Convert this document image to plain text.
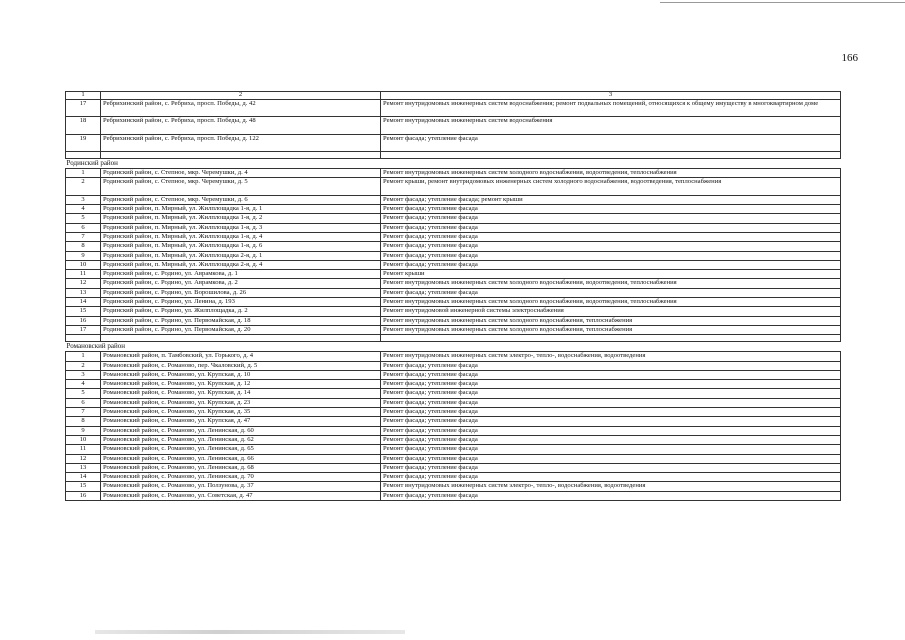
166
1	2	3
17	Ребрихинский район, с. Ребриха, просп. Победы, д. 42	Ремонт внутридомовых инженерных систем водоснабжения; ремонт подвальных помещений, относящихся к общему имуществу в многоквартирном доме
18	Ребрихинский район, с. Ребриха, просп. Победы, д. 48	Ремонт внутридомовых инженерных систем водоснабжения
19	Ребрихинский район, с. Ребриха, просп. Победы, д. 122	Ремонт фасада; утепление фасада

Родинский район		
1	Родинский район, с. Степное, мкр. Черемушки, д. 4	Ремонт внутридомовых инженерных систем холодного водоснабжения, водоотведения, теплоснабжения
2	Родинский район, с. Степное, мкр. Черемушки, д. 5	Ремонт крыши, ремонт внутридомовых инженерных систем холодного водоснабжения, водоотведения, теплоснабжения
3	Родинский район, с. Степное, мкр. Черемушки, д. 6	Ремонт фасада; утепление фасада; ремонт крыши
4	Родинский район, п. Мирный, ул. Жилплощадка 1-я, д. 1	Ремонт фасада; утепление фасада
5	Родинский район, п. Мирный, ул. Жилплощадка 1-я, д. 2	Ремонт фасада; утепление фасада
6	Родинский район, п. Мирный, ул. Жилплощадка 1-я, д. 3	Ремонт фасада; утепление фасада
7	Родинский район, п. Мирный, ул. Жилплощадка 1-я, д. 4	Ремонт фасада; утепление фасада
8	Родинский район, п. Мирный, ул. Жилплощадка 1-я, д. 6	Ремонт фасада; утепление фасада
9	Родинский район, п. Мирный, ул. Жилплощадка 2-я, д. 1	Ремонт фасада; утепление фасада
10	Родинский район, п. Мирный, ул. Жилплощадка 2-я, д. 4	Ремонт фасада; утепление фасада
11	Родинский район, с. Родино, ул. Аврамкова, д. 1	Ремонт крыши
12	Родинский район, с. Родино, ул. Аврамкова, д. 2	Ремонт внутридомовых инженерных систем холодного водоснабжения, водоотведения, теплоснабжения
13	Родинский район, с. Родино, ул. Ворошилова, д. 26	Ремонт фасада; утепление фасада
14	Родинский район, с. Родино, ул. Ленина, д. 193	Ремонт внутридомовых инженерных систем холодного водоснабжения, водоотведения, теплоснабжения
15	Родинский район, с. Родино, ул. Жилплощадка, д. 2	Ремонт внутридомовой инженерной системы электроснабжения
16	Родинский район, с. Родино, ул. Первомайская, д. 18	Ремонт внутридомовых инженерных систем холодного водоснабжения, теплоснабжения
17	Родинский район, с. Родино, ул. Первомайская, д. 20	Ремонт внутридомовых инженерных систем холодного водоснабжения, теплоснабжения

Романовский район		
1	Романовский район, п. Тамбовский, ул. Горького, д. 4	Ремонт внутридомовых инженерных систем электро-, тепло-, водоснабжения, водоотведения
2	Романовский район, с. Романово, пер. Чкаловский, д. 5	Ремонт фасада; утепление фасада
3	Романовский район, с. Романово, ул. Крупская, д. 10	Ремонт фасада; утепление фасада
4	Романовский район, с. Романово, ул. Крупская, д. 12	Ремонт фасада; утепление фасада
5	Романовский район, с. Романово, ул. Крупская, д. 14	Ремонт фасада; утепление фасада
6	Романовский район, с. Романово, ул. Крупская, д. 23	Ремонт фасада; утепление фасада
7	Романовский район, с. Романово, ул. Крупская, д. 35	Ремонт фасада; утепление фасада
8	Романовский район, с. Романово, ул. Крупская, д. 47	Ремонт фасада; утепление фасада
9	Романовский район, с. Романово, ул. Ленинская, д. 60	Ремонт фасада; утепление фасада
10	Романовский район, с. Романово, ул. Ленинская, д. 62	Ремонт фасада; утепление фасада
11	Романовский район, с. Романово, ул. Ленинская, д. 65	Ремонт фасада; утепление фасада
12	Романовский район, с. Романово, ул. Ленинская, д. 66	Ремонт фасада; утепление фасада
13	Романовский район, с. Романово, ул. Ленинская, д. 68	Ремонт фасада; утепление фасада
14	Романовский район, с. Романово, ул. Ленинская, д. 70	Ремонт фасада; утепление фасада
15	Романовский район, с. Романово, ул. Ползунова, д. 37	Ремонт внутридомовых инженерных систем электро-, тепло-, водоснабжения, водоотведения
16	Романовский район, с. Романово, ул. Советская, д. 47	Ремонт фасада; утепление фасада
